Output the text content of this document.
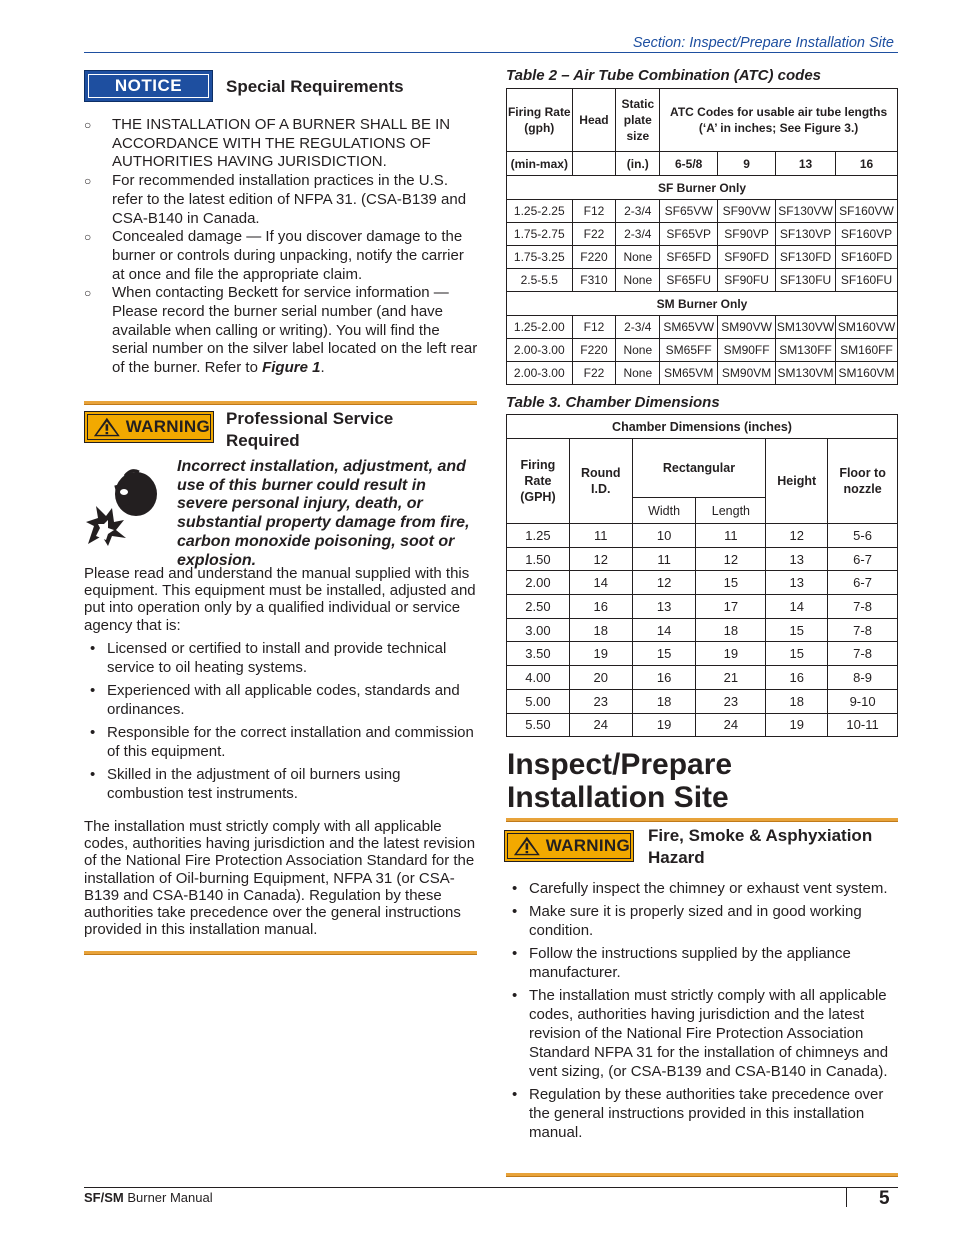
Section: Inspect/Prepare Installation Site
NOTICE	Special Requirements
○ THE INSTALLATION OF A BURNER SHALL BE IN ACCORDANCE WITH THE REGULATIONS OF AUTHORITIES HAVING JURISDICTION.
○ For recommended installation practices in the U.S. refer to the latest edition of NFPA 31. (CSA-B139 and CSA-B140 in Canada.
○ Concealed damage — If you discover damage to the burner or controls during unpacking, notify the carrier at once and file the appropriate claim.
○ When contacting Beckett for service information — Please record the burner serial number (and have available when calling or writing). You will find the serial number on the silver label located on the left rear of the burner. Refer to Figure 1.
WARNING Professional Service Required
Incorrect installation, adjustment, and use of this burner could result in severe personal injury, death, or substantial property damage from fire, carbon monoxide poisoning, soot or explosion.
Please read and understand the manual supplied with this equipment. This equipment must be installed, adjusted and put into operation only by a qualified individual or service agency that is:
• Licensed or certified to install and provide technical service to oil heating systems.
• Experienced with all applicable codes, standards and ordinances.
• Responsible for the correct installation and commission of this equipment.
• Skilled in the adjustment of oil burners using combustion test instruments.
The installation must strictly comply with all applicable codes, authorities having jurisdiction and the latest revision of the National Fire Protection Association Standard for the installation of Oil-burning Equipment, NFPA 31 (or CSA-B139 and CSA-B140 in Canada). Regulation by these authorities take precedence over the general instructions provided in this installation manual.
Table 2 – Air Tube Combination (ATC) codes
Firing Rate (gph)	Head	Static plate size	ATC Codes for usable air tube lengths (‘A’ in inches; See Figure 3.)			
(min-max)		(in.)	6-5/8	9	13	16
SF Burner Only						
1.25-2.25	F12	2-3/4	SF65VW	SF90VW	SF130VW	SF160VW
1.75-2.75	F22	2-3/4	SF65VP	SF90VP	SF130VP	SF160VP
1.75-3.25	F220	None	SF65FD	SF90FD	SF130FD	SF160FD
2.5-5.5	F310	None	SF65FU	SF90FU	SF130FU	SF160FU
SM Burner Only						
1.25-2.00	F12	2-3/4	SM65VW	SM90VW	SM130VW	SM160VW
2.00-3.00	F220	None	SM65FF	SM90FF	SM130FF	SM160FF
2.00-3.00	F22	None	SM65VM	SM90VM	SM130VM	SM160VM
Table 3. Chamber Dimensions
Chamber Dimensions (inches)					
Firing Rate (GPH)	Round I.D.	Rectangular		Height	Floor to nozzle
		Width	Length		
1.25	11	10	11	12	5-6
1.50	12	11	12	13	6-7
2.00	14	12	15	13	6-7
2.50	16	13	17	14	7-8
3.00	18	14	18	15	7-8
3.50	19	15	19	15	7-8
4.00	20	16	21	16	8-9
5.00	23	18	23	18	9-10
5.50	24	19	24	19	10-11
Inspect/Prepare
Installation Site
WARNING
Fire, Smoke & Asphyxiation Hazard
• Carefully inspect the chimney or exhaust vent system.
• Make sure it is properly sized and in good working condition.
• Follow the instructions supplied by the appliance manufacturer.
• The installation must strictly comply with all applicable codes, authorities having jurisdiction and the latest revision of the National Fire Protection Association Standard NFPA 31 for the installation of chimneys and vent sizing, (or CSA-B139 and CSA-B140 in Canada).
• Regulation by these authorities take precedence over the general instructions provided in this installation manual.
SF/SM Burner Manual	5
